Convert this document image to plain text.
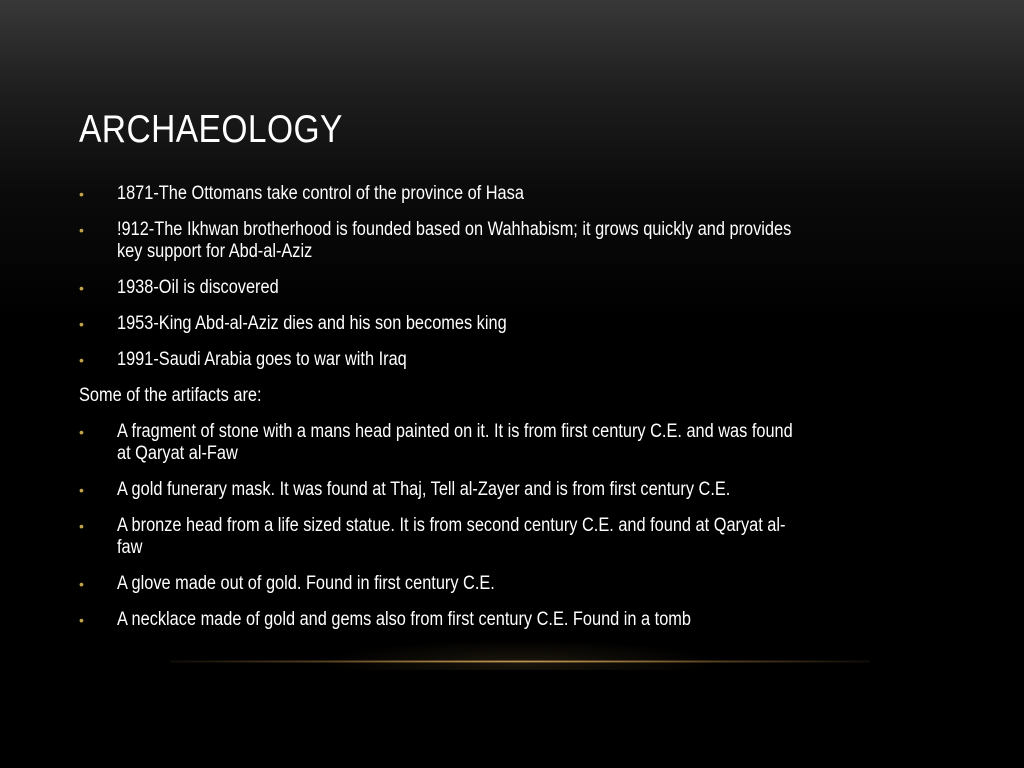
ARCHAEOLOGY
• 1871-The Ottomans take control of the province of Hasa
• !912-The Ikhwan brotherhood is founded based on Wahhabism; it grows quickly and provides
key support for Abd-al-Aziz
• 1938-Oil is discovered
• 1953-King Abd-al-Aziz dies and his son becomes king
• 1991-Saudi Arabia goes to war with Iraq
Some of the artifacts are:
• A fragment of stone with a mans head painted on it. It is from first century C.E. and was found
at Qaryat al-Faw
• A gold funerary mask. It was found at Thaj, Tell al-Zayer and is from first century C.E.
• A bronze head from a life sized statue. It is from second century C.E. and found at Qaryat al-
faw
• A glove made out of gold. Found in first century C.E.
• A necklace made of gold and gems also from first century C.E. Found in a tomb
